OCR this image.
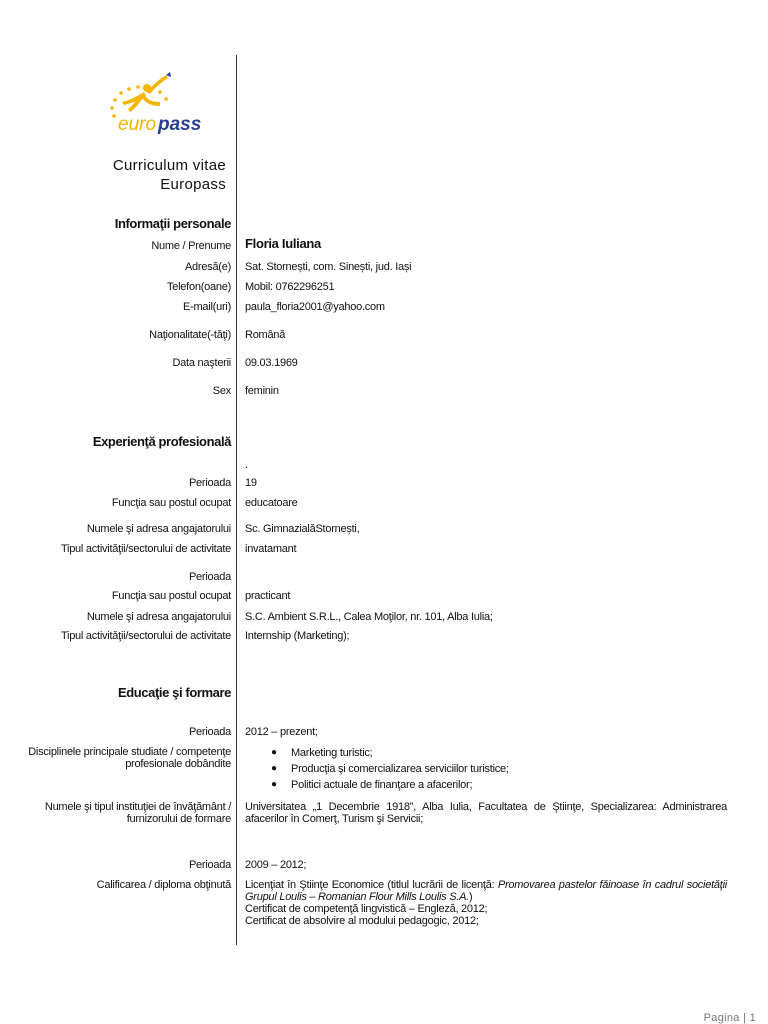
euro pass
Curriculum vitae
Europass
Informaţii personale
Nume / Prenume Floria Iuliana
Adresă(e) Sat. Stornești, com. Sinești, jud. Iași
Telefon(oane) Mobil: 0762296251
E-mail(uri) paula_floria2001@yahoo.com
Naţionalitate(-tăţi) Română
Data naşterii 09.03.1969
Sex feminin
Experienţă profesională
.
Perioada 19
Funcţia sau postul ocupat educatoare
Numele şi adresa angajatorului Sc. GimnazialăStornești,
Tipul activităţii/sectorului de activitate invatamant
Perioada
Funcţia sau postul ocupat practicant
Numele şi adresa angajatorului S.C. Ambient S.R.L., Calea Moţilor, nr. 101, Alba Iulia;
Tipul activităţii/sectorului de activitate Internship (Marketing);
Educaţie şi formare
Perioada 2012 – prezent;
Disciplinele principale studiate / competenţe profesionale dobândite
● Marketing turistic;
● Producţia şi comercializarea serviciilor turistice;
● Politici actuale de finanţare a afacerilor;
Numele şi tipul instituţiei de învăţământ / furnizorului de formare
Universitatea „1 Decembrie 1918”, Alba Iulia, Facultatea de Ştiinţe, Specializarea: Administrarea afacerilor în Comerţ, Turism şi Servicii;
Perioada 2009 – 2012;
Calificarea / diploma obţinută Licenţiat în Ştiinţe Economice (titlul lucrării de licenţă: Promovarea pastelor făinoase în cadrul societăţii Grupul Loulis – Romanian Flour Mills Loulis S.A.)
Certificat de competenţă lingvistică – Engleză, 2012;
Certificat de absolvire al modului pedagogic, 2012;
Pagina | 1
